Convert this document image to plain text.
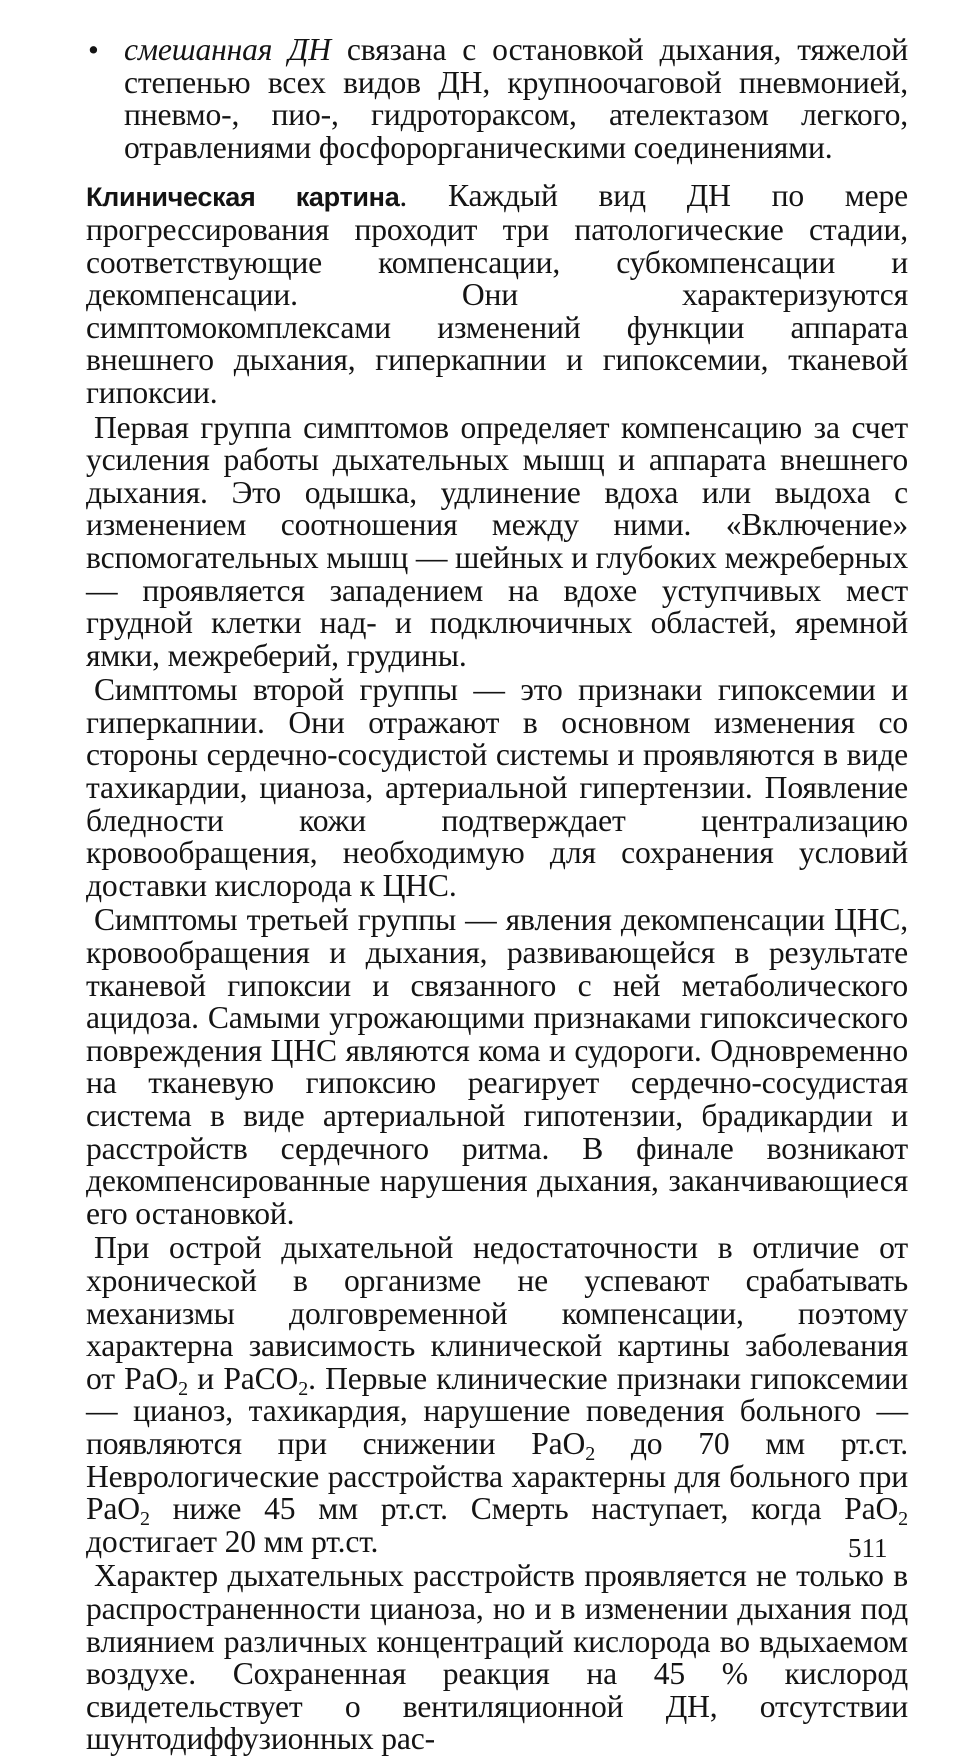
• смешанная ДН связана с остановкой дыхания, тяжелой степенью всех видов ДН, крупноочаговой пневмонией, пневмо-, пио-, гидротораксом, ателектазом легкого, отравлениями фосфорорганическими соединениями.

Клиническая картина. Каждый вид ДН по мере прогрессирования проходит три патологические стадии, соответствующие компенсации, субкомпенсации и декомпенсации. Они характеризуются симптомокомплексами изменений функции аппарата внешнего дыхания, гиперкапнии и гипоксемии, тканевой гипоксии.

Первая группа симптомов определяет компенсацию за счет усиления работы дыхательных мышц и аппарата внешнего дыхания. Это одышка, удлинение вдоха или выдоха с изменением соотношения между ними. «Включение» вспомогательных мышц — шейных и глубоких межреберных — проявляется западением на вдохе уступчивых мест грудной клетки над- и подключичных областей, яремной ямки, межреберий, грудины.

Симптомы второй группы — это признаки гипоксемии и гиперкапнии. Они отражают в основном изменения со стороны сердечно-сосудистой системы и проявляются в виде тахикардии, цианоза, артериальной гипертензии. Появление бледности кожи подтверждает централизацию кровообращения, необходимую для сохранения условий доставки кислорода к ЦНС.

Симптомы третьей группы — явления декомпенсации ЦНС, кровообращения и дыхания, развивающейся в результате тканевой гипоксии и связанного с ней метаболического ацидоза. Самыми угрожающими признаками гипоксического повреждения ЦНС являются кома и судороги. Одновременно на тканевую гипоксию реагирует сердечно-сосудистая система в виде артериальной гипотензии, брадикардии и расстройств сердечного ритма. В финале возникают декомпенсированные нарушения дыхания, заканчивающиеся его остановкой.

При острой дыхательной недостаточности в отличие от хронической в организме не успевают срабатывать механизмы долговременной компенсации, поэтому характерна зависимость клинической картины заболевания от PaO$_2$ и PaCO$_2$. Первые клинические признаки гипоксемии — цианоз, тахикардия, нарушение поведения больного — появляются при снижении PaO$_2$ до 70 мм рт.ст. Неврологические расстройства характерны для больного при PaO$_2$ ниже 45 мм рт.ст. Смерть наступает, когда PaO$_2$ достигает 20 мм рт.ст.

Характер дыхательных расстройств проявляется не только в распространенности цианоза, но и в изменении дыхания под влиянием различных концентраций кислорода во вдыхаемом воздухе. Сохраненная реакция на 45 % кислород свидетельствует о вентиляционной ДН, отсутствии шунтодиффузионных рас-

511
